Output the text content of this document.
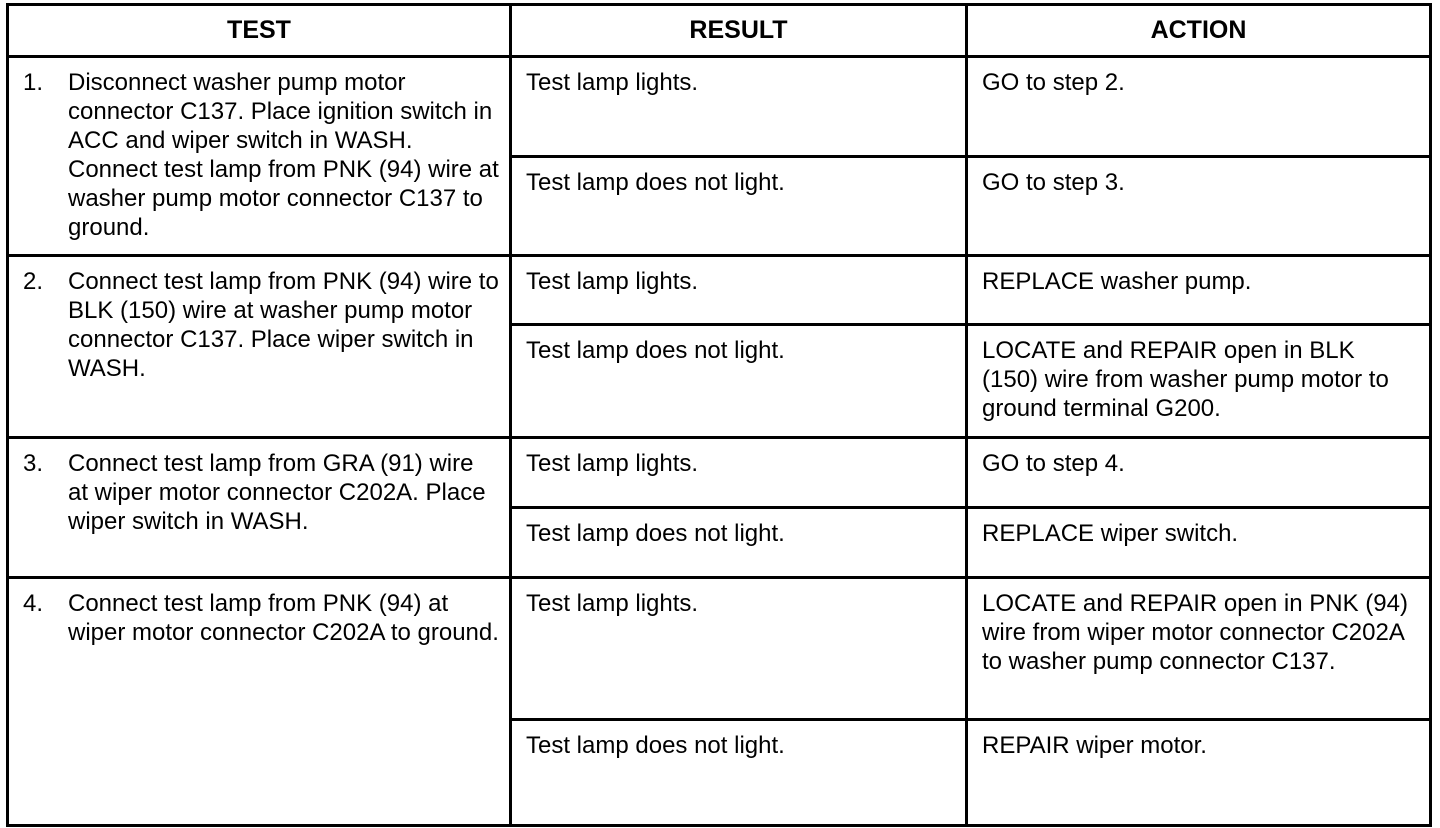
TEST	RESULT	ACTION

1. Disconnect washer pump motor connector C137. Place ignition switch in ACC and wiper switch in WASH. Connect test lamp from PNK (94) wire at washer pump motor connector C137 to ground.	Test lamp lights.	GO to step 2.
	Test lamp does not light.	GO to step 3.

2. Connect test lamp from PNK (94) wire to BLK (150) wire at washer pump motor connector C137. Place wiper switch in WASH.	Test lamp lights.	REPLACE washer pump.
	Test lamp does not light.	LOCATE and REPAIR open in BLK (150) wire from washer pump motor to ground terminal G200.

3. Connect test lamp from GRA (91) wire at wiper motor connector C202A. Place wiper switch in WASH.	Test lamp lights.	GO to step 4.
	Test lamp does not light.	REPLACE wiper switch.

4. Connect test lamp from PNK (94) at wiper motor connector C202A to ground.	Test lamp lights.	LOCATE and REPAIR open in PNK (94) wire from wiper motor connector C202A to washer pump connector C137.
	Test lamp does not light.	REPAIR wiper motor.
